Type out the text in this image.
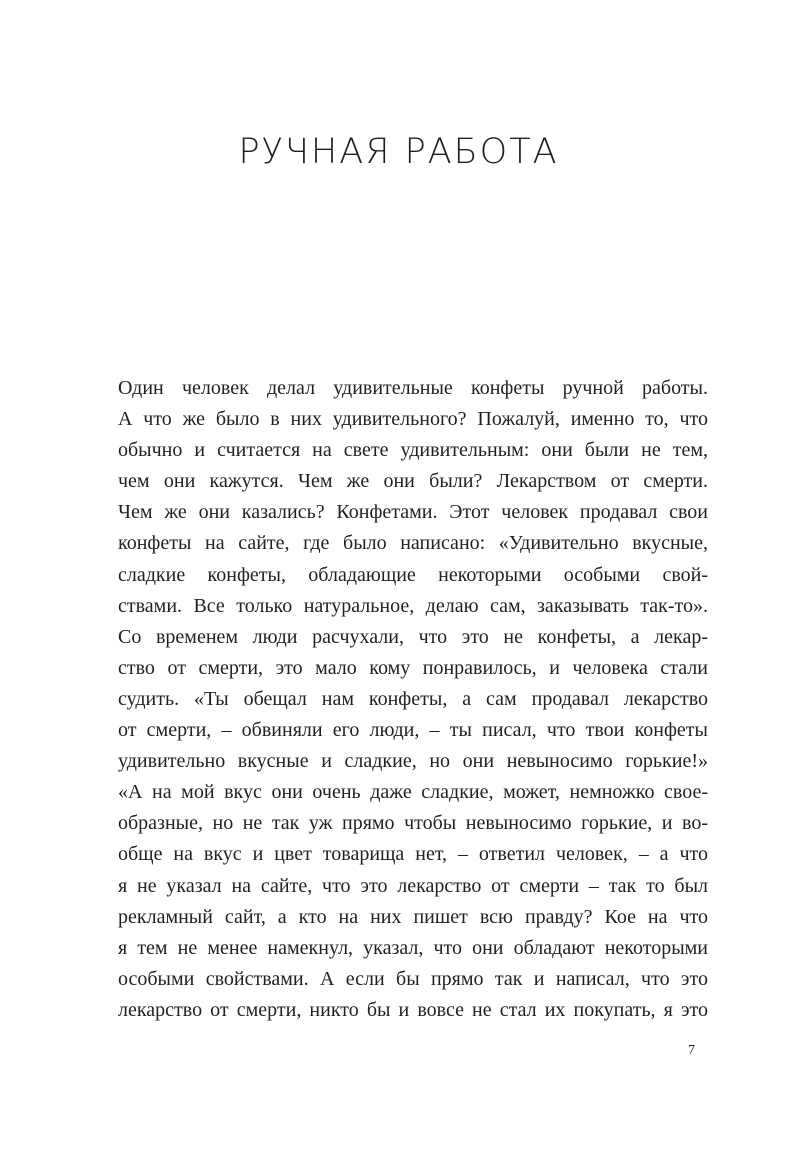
РУЧНАЯ РАБОТА
Один человек делал удивительные конфеты ручной работы.
А что же было в них удивительного? Пожалуй, именно то, что
обычно и считается на свете удивительным: они были не тем,
чем они кажутся. Чем же они были? Лекарством от смерти.
Чем же они казались? Конфетами. Этот человек продавал свои
конфеты на сайте, где было написано: «Удивительно вкусные,
сладкие конфеты, обладающие некоторыми особыми свой-
ствами. Все только натуральное, делаю сам, заказывать так-то».
Со временем люди расчухали, что это не конфеты, а лекар-
ство от смерти, это мало кому понравилось, и человека стали
судить. «Ты обещал нам конфеты, а сам продавал лекарство
от смерти, – обвиняли его люди, – ты писал, что твои конфеты
удивительно вкусные и сладкие, но они невыносимо горькие!»
«А на мой вкус они очень даже сладкие, может, немножко свое-
образные, но не так уж прямо чтобы невыносимо горькие, и во-
обще на вкус и цвет товарища нет, – ответил человек, – а что
я не указал на сайте, что это лекарство от смерти – так то был
рекламный сайт, а кто на них пишет всю правду? Кое на что
я тем не менее намекнул, указал, что они обладают некоторыми
особыми свойствами. А если бы прямо так и написал, что это
лекарство от смерти, никто бы и вовсе не стал их покупать, я это
7
